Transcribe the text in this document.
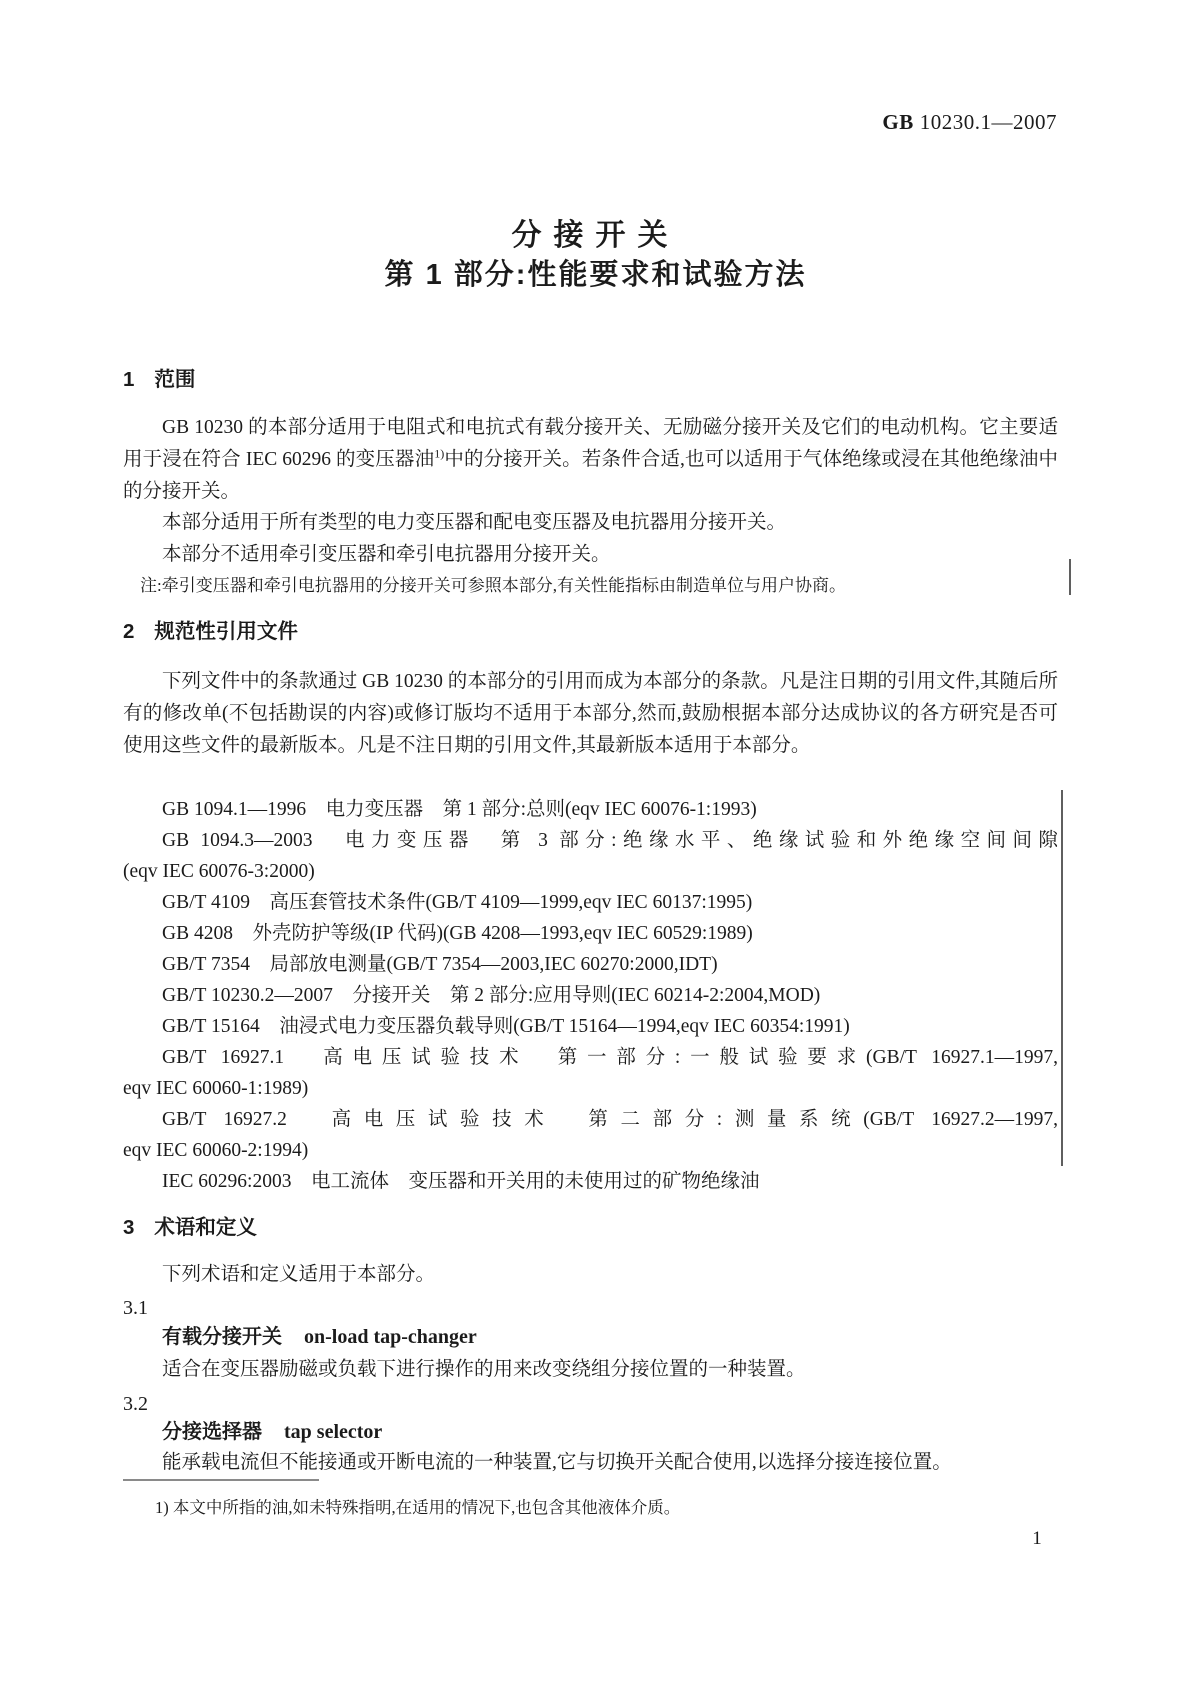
GB 10230.1—2007
分接开关
第 1 部分:性能要求和试验方法
1 范围
GB 10230 的本部分适用于电阻式和电抗式有载分接开关、无励磁分接开关及它们的电动机构。它主要适用于浸在符合 IEC 60296 的变压器油$^{1)}$中的分接开关。若条件合适,也可以适用于气体绝缘或浸在其他绝缘油中的分接开关。
本部分适用于所有类型的电力变压器和配电变压器及电抗器用分接开关。
本部分不适用牵引变压器和牵引电抗器用分接开关。
注:牵引变压器和牵引电抗器用的分接开关可参照本部分,有关性能指标由制造单位与用户协商。
2 规范性引用文件
下列文件中的条款通过 GB 10230 的本部分的引用而成为本部分的条款。凡是注日期的引用文件,其随后所有的修改单(不包括勘误的内容)或修订版均不适用于本部分,然而,鼓励根据本部分达成协议的各方研究是否可使用这些文件的最新版本。凡是不注日期的引用文件,其最新版本适用于本部分。
GB 1094.1—1996　电力变压器　第 1 部分:总则(eqv IEC 60076-1:1993)
GB 1094.3—2003　电力变压器　第 3 部分:绝缘水平、绝缘试验和外绝缘空间间隙
(eqv IEC 60076-3:2000)
GB/T 4109　高压套管技术条件(GB/T 4109—1999,eqv IEC 60137:1995)
GB 4208　外壳防护等级(IP 代码)(GB 4208—1993,eqv IEC 60529:1989)
GB/T 7354　局部放电测量(GB/T 7354—2003,IEC 60270:2000,IDT)
GB/T 10230.2—2007　分接开关　第 2 部分:应用导则(IEC 60214-2:2004,MOD)
GB/T 15164　油浸式电力变压器负载导则(GB/T 15164—1994,eqv IEC 60354:1991)
GB/T 16927.1　高电压试验技术　第一部分:一般试验要求(GB/T 16927.1—1997,
eqv IEC 60060-1:1989)
GB/T 16927.2　高电压试验技术　第二部分:测量系统(GB/T 16927.2—1997,
eqv IEC 60060-2:1994)
IEC 60296:2003　电工流体　变压器和开关用的未使用过的矿物绝缘油
3 术语和定义
下列术语和定义适用于本部分。
3.1
有载分接开关 on-load tap-changer
适合在变压器励磁或负载下进行操作的用来改变绕组分接位置的一种装置。
3.2
分接选择器 tap selector
能承载电流但不能接通或开断电流的一种装置,它与切换开关配合使用,以选择分接连接位置。
1) 本文中所指的油,如未特殊指明,在适用的情况下,也包含其他液体介质。
1
